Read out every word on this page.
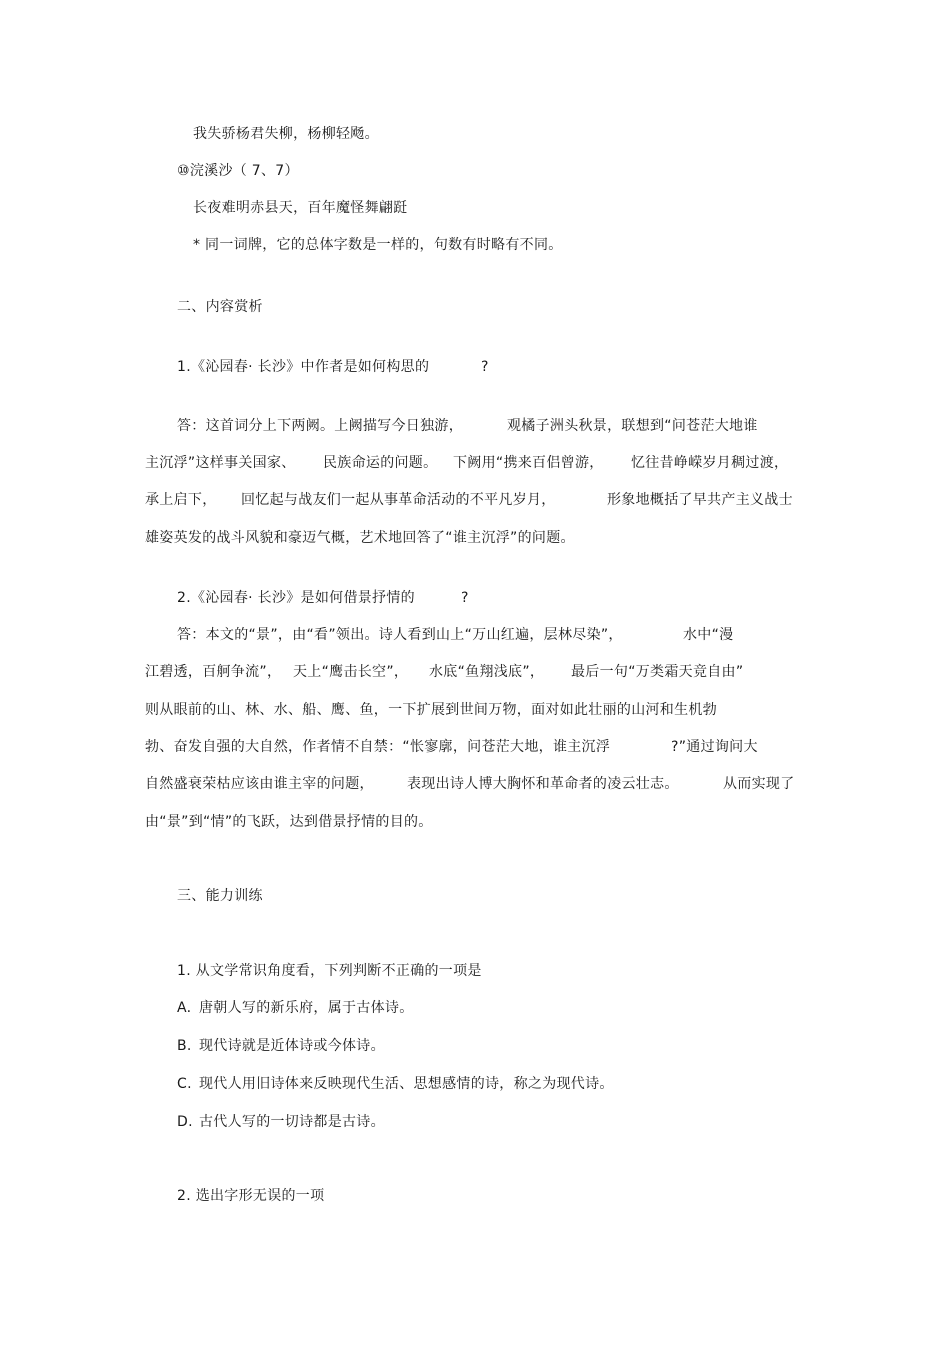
我失骄杨君失柳，杨柳轻飏。
⑩浣溪沙（ 7、7）
长夜难明赤县天，百年魔怪舞翩跹
* 同一词牌，它的总体字数是一样的，句数有时略有不同。
二、内容赏析
1.《沁园春· 长沙》中作者是如何构思的	?
答：这首词分上下两阙。上阙描写今日独游，	观橘子洲头秋景，联想到“问苍茫大地谁
主沉浮”这样事关国家、 民族命运的问题。 下阙用“携来百侣曾游， 忆往昔峥嵘岁月稠过渡，
承上启下， 回忆起与战友们一起从事革命活动的不平凡岁月，	形象地概括了早共产主义战士
雄姿英发的战斗风貌和豪迈气概，艺术地回答了“谁主沉浮”的问题。
2.《沁园春· 长沙》是如何借景抒情的	?
答：本文的“景”，由“看”领出。诗人看到山上“万山红遍，层林尽染”，	水中“漫
江碧透，百舸争流”， 天上“鹰击长空”， 水底“鱼翔浅底”， 最后一句“万类霜天竞自由”
则从眼前的山、林、水、船、鹰、鱼，一下扩展到世间万物，面对如此壮丽的山河和生机勃
勃、奋发自强的大自然，作者情不自禁：“怅寥廓，问苍茫大地，谁主沉浮	?”通过询问大
自然盛衰荣枯应该由谁主宰的问题， 表现出诗人博大胸怀和革命者的凌云壮志。	从而实现了
由“景”到“情”的飞跃，达到借景抒情的目的。
三、能力训练
1. 从文学常识角度看，下列判断不正确的一项是
A. 唐朝人写的新乐府，属于古体诗。
B. 现代诗就是近体诗或今体诗。
C. 现代人用旧诗体来反映现代生活、思想感情的诗，称之为现代诗。
D. 古代人写的一切诗都是古诗。
2. 选出字形无误的一项
